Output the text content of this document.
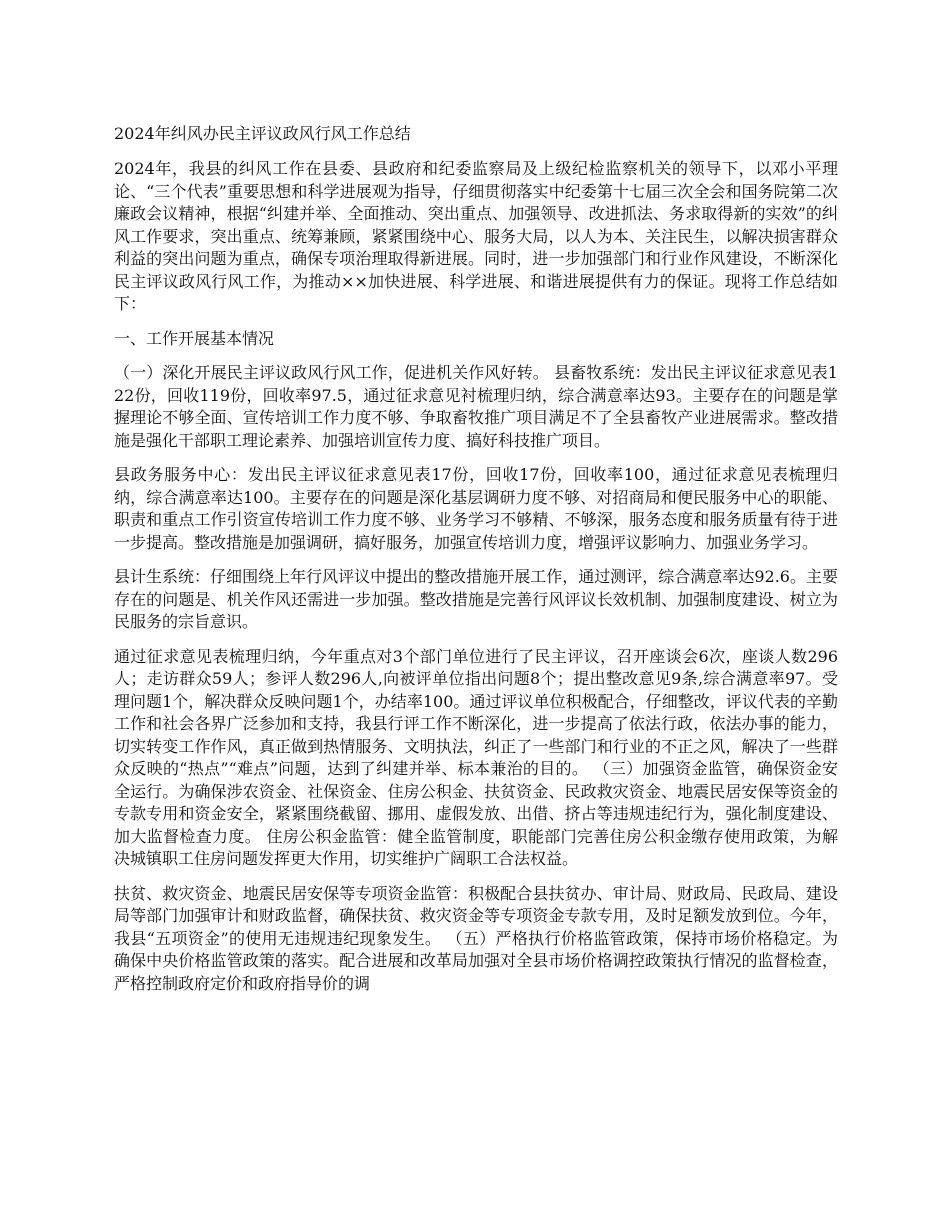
2024年纠风办民主评议政风行风工作总结
2024年，我县的纠风工作在县委、县政府和纪委监察局及上级纪检监察机关的领导下，以邓小平理论、“三个代表”重要思想和科学进展观为指导，仔细贯彻落实中纪委第十七届三次全会和国务院第二次廉政会议精神，根据“纠建并举、全面推动、突出重点、加强领导、改进抓法、务求取得新的实效”的纠风工作要求，突出重点、统筹兼顾，紧紧围绕中心、服务大局，以人为本、关注民生，以解决损害群众利益的突出问题为重点，确保专项治理取得新进展。同时，进一步加强部门和行业作风建设，不断深化民主评议政风行风工作，为推动××加快进展、科学进展、和谐进展提供有力的保证。现将工作总结如下：
一、工作开展基本情况
（一）深化开展民主评议政风行风工作，促进机关作风好转。 县畜牧系统：发出民主评议征求意见表122份，回收119份，回收率97.5，通过征求意见衬梳理归纳，综合满意率达93。主要存在的问题是掌握理论不够全面、宣传培训工作力度不够、争取畜牧推广项目满足不了全县畜牧产业进展需求。整改措施是强化干部职工理论素养、加强培训宣传力度、搞好科技推广项目。
县政务服务中心：发出民主评议征求意见表17份，回收17份，回收率100，通过征求意见表梳理归纳，综合满意率达100。主要存在的问题是深化基层调研力度不够、对招商局和便民服务中心的职能、职责和重点工作引资宣传培训工作力度不够、业务学习不够精、不够深，服务态度和服务质量有待于进一步提高。整改措施是加强调研，搞好服务，加强宣传培训力度，增强评议影响力、加强业务学习。
县计生系统：仔细围绕上年行风评议中提出的整改措施开展工作，通过测评，综合满意率达92.6。主要存在的问题是、机关作风还需进一步加强。整改措施是完善行风评议长效机制、加强制度建设、树立为民服务的宗旨意识。
通过征求意见表梳理归纳，今年重点对3个部门单位进行了民主评议，召开座谈会6次，座谈人数296人；走访群众59人；参评人数296人,向被评单位指出问题8个；提出整改意见9条,综合满意率97。受理问题1个，解决群众反映问题1个，办结率100。通过评议单位积极配合，仔细整改，评议代表的辛勤工作和社会各界广泛参加和支持，我县行评工作不断深化，进一步提高了依法行政，依法办事的能力，切实转变工作作风，真正做到热情服务、文明执法，纠正了一些部门和行业的不正之风，解决了一些群众反映的“热点”“难点”问题，达到了纠建并举、标本兼治的目的。 （三）加强资金监管，确保资金安全运行。为确保涉农资金、社保资金、住房公积金、扶贫资金、民政救灾资金、地震民居安保等资金的专款专用和资金安全，紧紧围绕截留、挪用、虚假发放、出借、挤占等违规违纪行为，强化制度建设、加大监督检查力度。 住房公积金监管：健全监管制度，职能部门完善住房公积金缴存使用政策，为解决城镇职工住房问题发挥更大作用，切实维护广阔职工合法权益。
扶贫、救灾资金、地震民居安保等专项资金监管：积极配合县扶贫办、审计局、财政局、民政局、建设局等部门加强审计和财政监督，确保扶贫、救灾资金等专项资金专款专用，及时足额发放到位。今年，我县“五项资金”的使用无违规违纪现象发生。 （五）严格执行价格监管政策，保持市场价格稳定。为确保中央价格监管政策的落实。配合进展和改革局加强对全县市场价格调控政策执行情况的监督检查，严格控制政府定价和政府指导价的调
